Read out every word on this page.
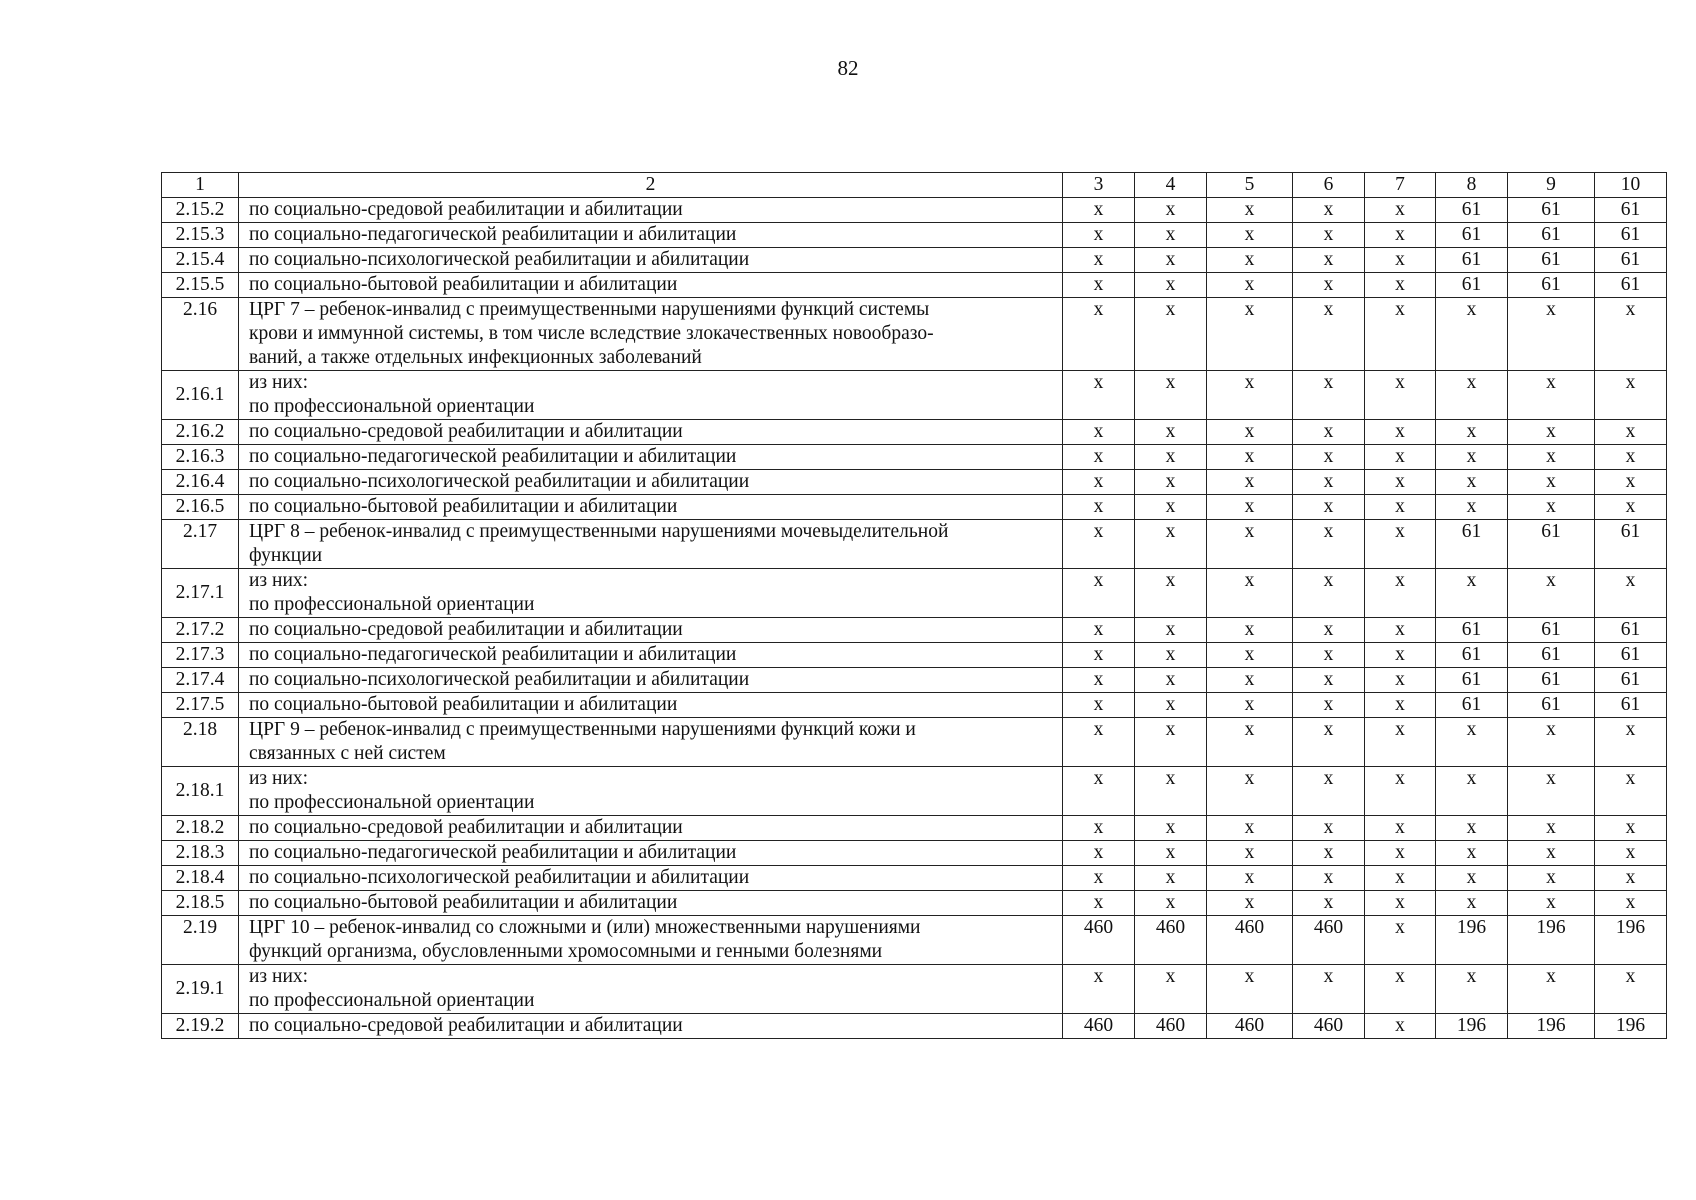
82
1	2	3	4	5	6	7	8	9	10
2.15.2	по социально-средовой реабилитации и абилитации	x	x	x	x	x	61	61	61
2.15.3	по социально-педагогической реабилитации и абилитации	x	x	x	x	x	61	61	61
2.15.4	по социально-психологической реабилитации и абилитации	x	x	x	x	x	61	61	61
2.15.5	по социально-бытовой реабилитации и абилитации	x	x	x	x	x	61	61	61
2.16	ЦРГ 7 – ребенок-инвалид с преимущественными нарушениями функций системы
крови и иммунной системы, в том числе вследствие злокачественных новообразо-
ваний, а также отдельных инфекционных заболеваний	x	x	x	x	x	x	x	x
2.16.1	из них:
по профессиональной ориентации	x	x	x	x	x	x	x	x
2.16.2	по социально-средовой реабилитации и абилитации	x	x	x	x	x	x	x	x
2.16.3	по социально-педагогической реабилитации и абилитации	x	x	x	x	x	x	x	x
2.16.4	по социально-психологической реабилитации и абилитации	x	x	x	x	x	x	x	x
2.16.5	по социально-бытовой реабилитации и абилитации	x	x	x	x	x	x	x	x
2.17	ЦРГ 8 – ребенок-инвалид с преимущественными нарушениями мочевыделительной
функции	x	x	x	x	x	61	61	61
2.17.1	из них:
по профессиональной ориентации	x	x	x	x	x	x	x	x
2.17.2	по социально-средовой реабилитации и абилитации	x	x	x	x	x	61	61	61
2.17.3	по социально-педагогической реабилитации и абилитации	x	x	x	x	x	61	61	61
2.17.4	по социально-психологической реабилитации и абилитации	x	x	x	x	x	61	61	61
2.17.5	по социально-бытовой реабилитации и абилитации	x	x	x	x	x	61	61	61
2.18	ЦРГ 9 – ребенок-инвалид с преимущественными нарушениями функций кожи и
связанных с ней систем	x	x	x	x	x	x	x	x
2.18.1	из них:
по профессиональной ориентации	x	x	x	x	x	x	x	x
2.18.2	по социально-средовой реабилитации и абилитации	x	x	x	x	x	x	x	x
2.18.3	по социально-педагогической реабилитации и абилитации	x	x	x	x	x	x	x	x
2.18.4	по социально-психологической реабилитации и абилитации	x	x	x	x	x	x	x	x
2.18.5	по социально-бытовой реабилитации и абилитации	x	x	x	x	x	x	x	x
2.19	ЦРГ 10 – ребенок-инвалид со сложными и (или) множественными нарушениями
функций организма, обусловленными хромосомными и генными болезнями	460	460	460	460	x	196	196	196
2.19.1	из них:
по профессиональной ориентации	x	x	x	x	x	x	x	x
2.19.2	по социально-средовой реабилитации и абилитации	460	460	460	460	x	196	196	196
